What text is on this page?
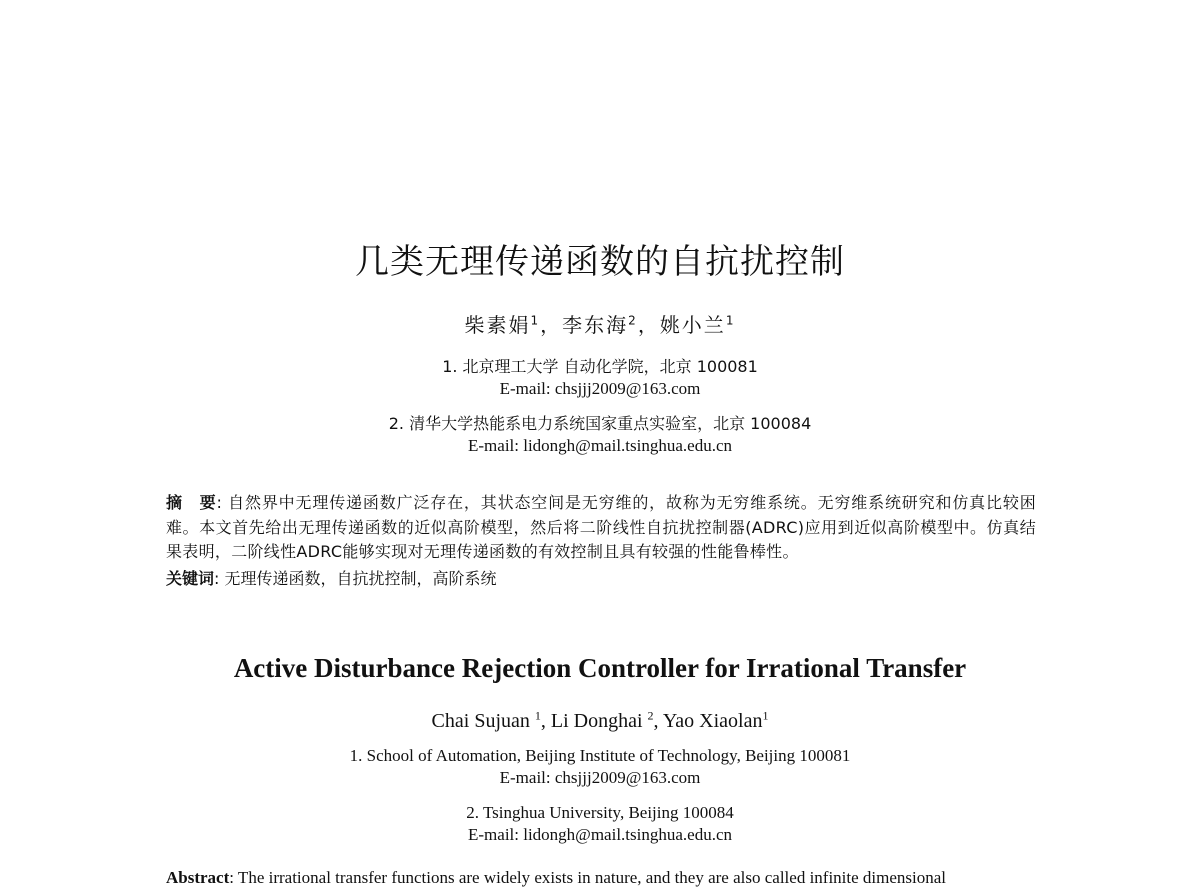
几类无理传递函数的自抗扰控制
柴素娟$^1$，李东海$^2$，姚小兰$^1$
1. 北京理工大学 自动化学院，北京 100081
E-mail: chsjjj2009@163.com
2. 清华大学热能系电力系统国家重点实验室，北京 100084
E-mail: lidongh@mail.tsinghua.edu.cn
摘　要: 自然界中无理传递函数广泛存在，其状态空间是无穷维的，故称为无穷维系统。无穷维系统研究和仿真比较困难。本文首先给出无理传递函数的近似高阶模型，然后将二阶线性自抗扰控制器(ADRC)应用到近似高阶模型中。仿真结果表明，二阶线性ADRC能够实现对无理传递函数的有效控制且具有较强的性能鲁棒性。
关键词: 无理传递函数，自抗扰控制，高阶系统
Active Disturbance Rejection Controller for Irrational Transfer
Chai Sujuan $^1$, Li Donghai $^2$, Yao Xiaolan$^1$
1. School of Automation, Beijing Institute of Technology, Beijing 100081
E-mail: chsjjj2009@163.com
2. Tsinghua University, Beijing 100084
E-mail: lidongh@mail.tsinghua.edu.cn
Abstract: The irrational transfer functions are widely exists in nature, and they are also called infinite dimensional
